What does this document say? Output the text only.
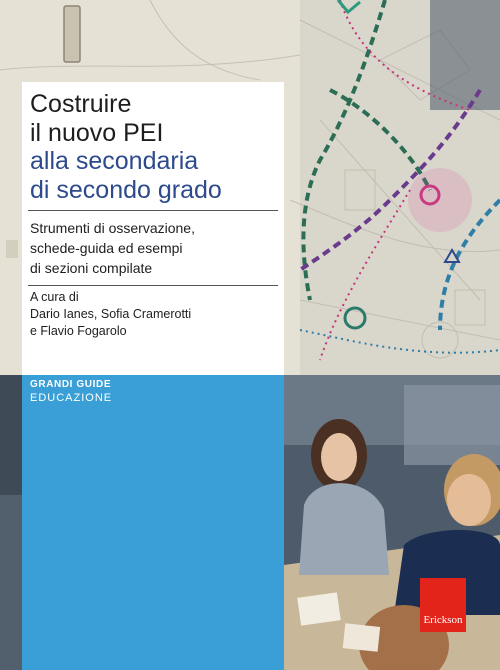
Costruire
il nuovo PEI
alla secondaria
di secondo grado
Strumenti di osservazione,
schede-guida ed esempi
di sezioni compilate
A cura di
Dario Ianes, Sofia Cramerotti
e Flavio Fogarolo
GRANDI GUIDE
EDUCAZIONE
Erickson
